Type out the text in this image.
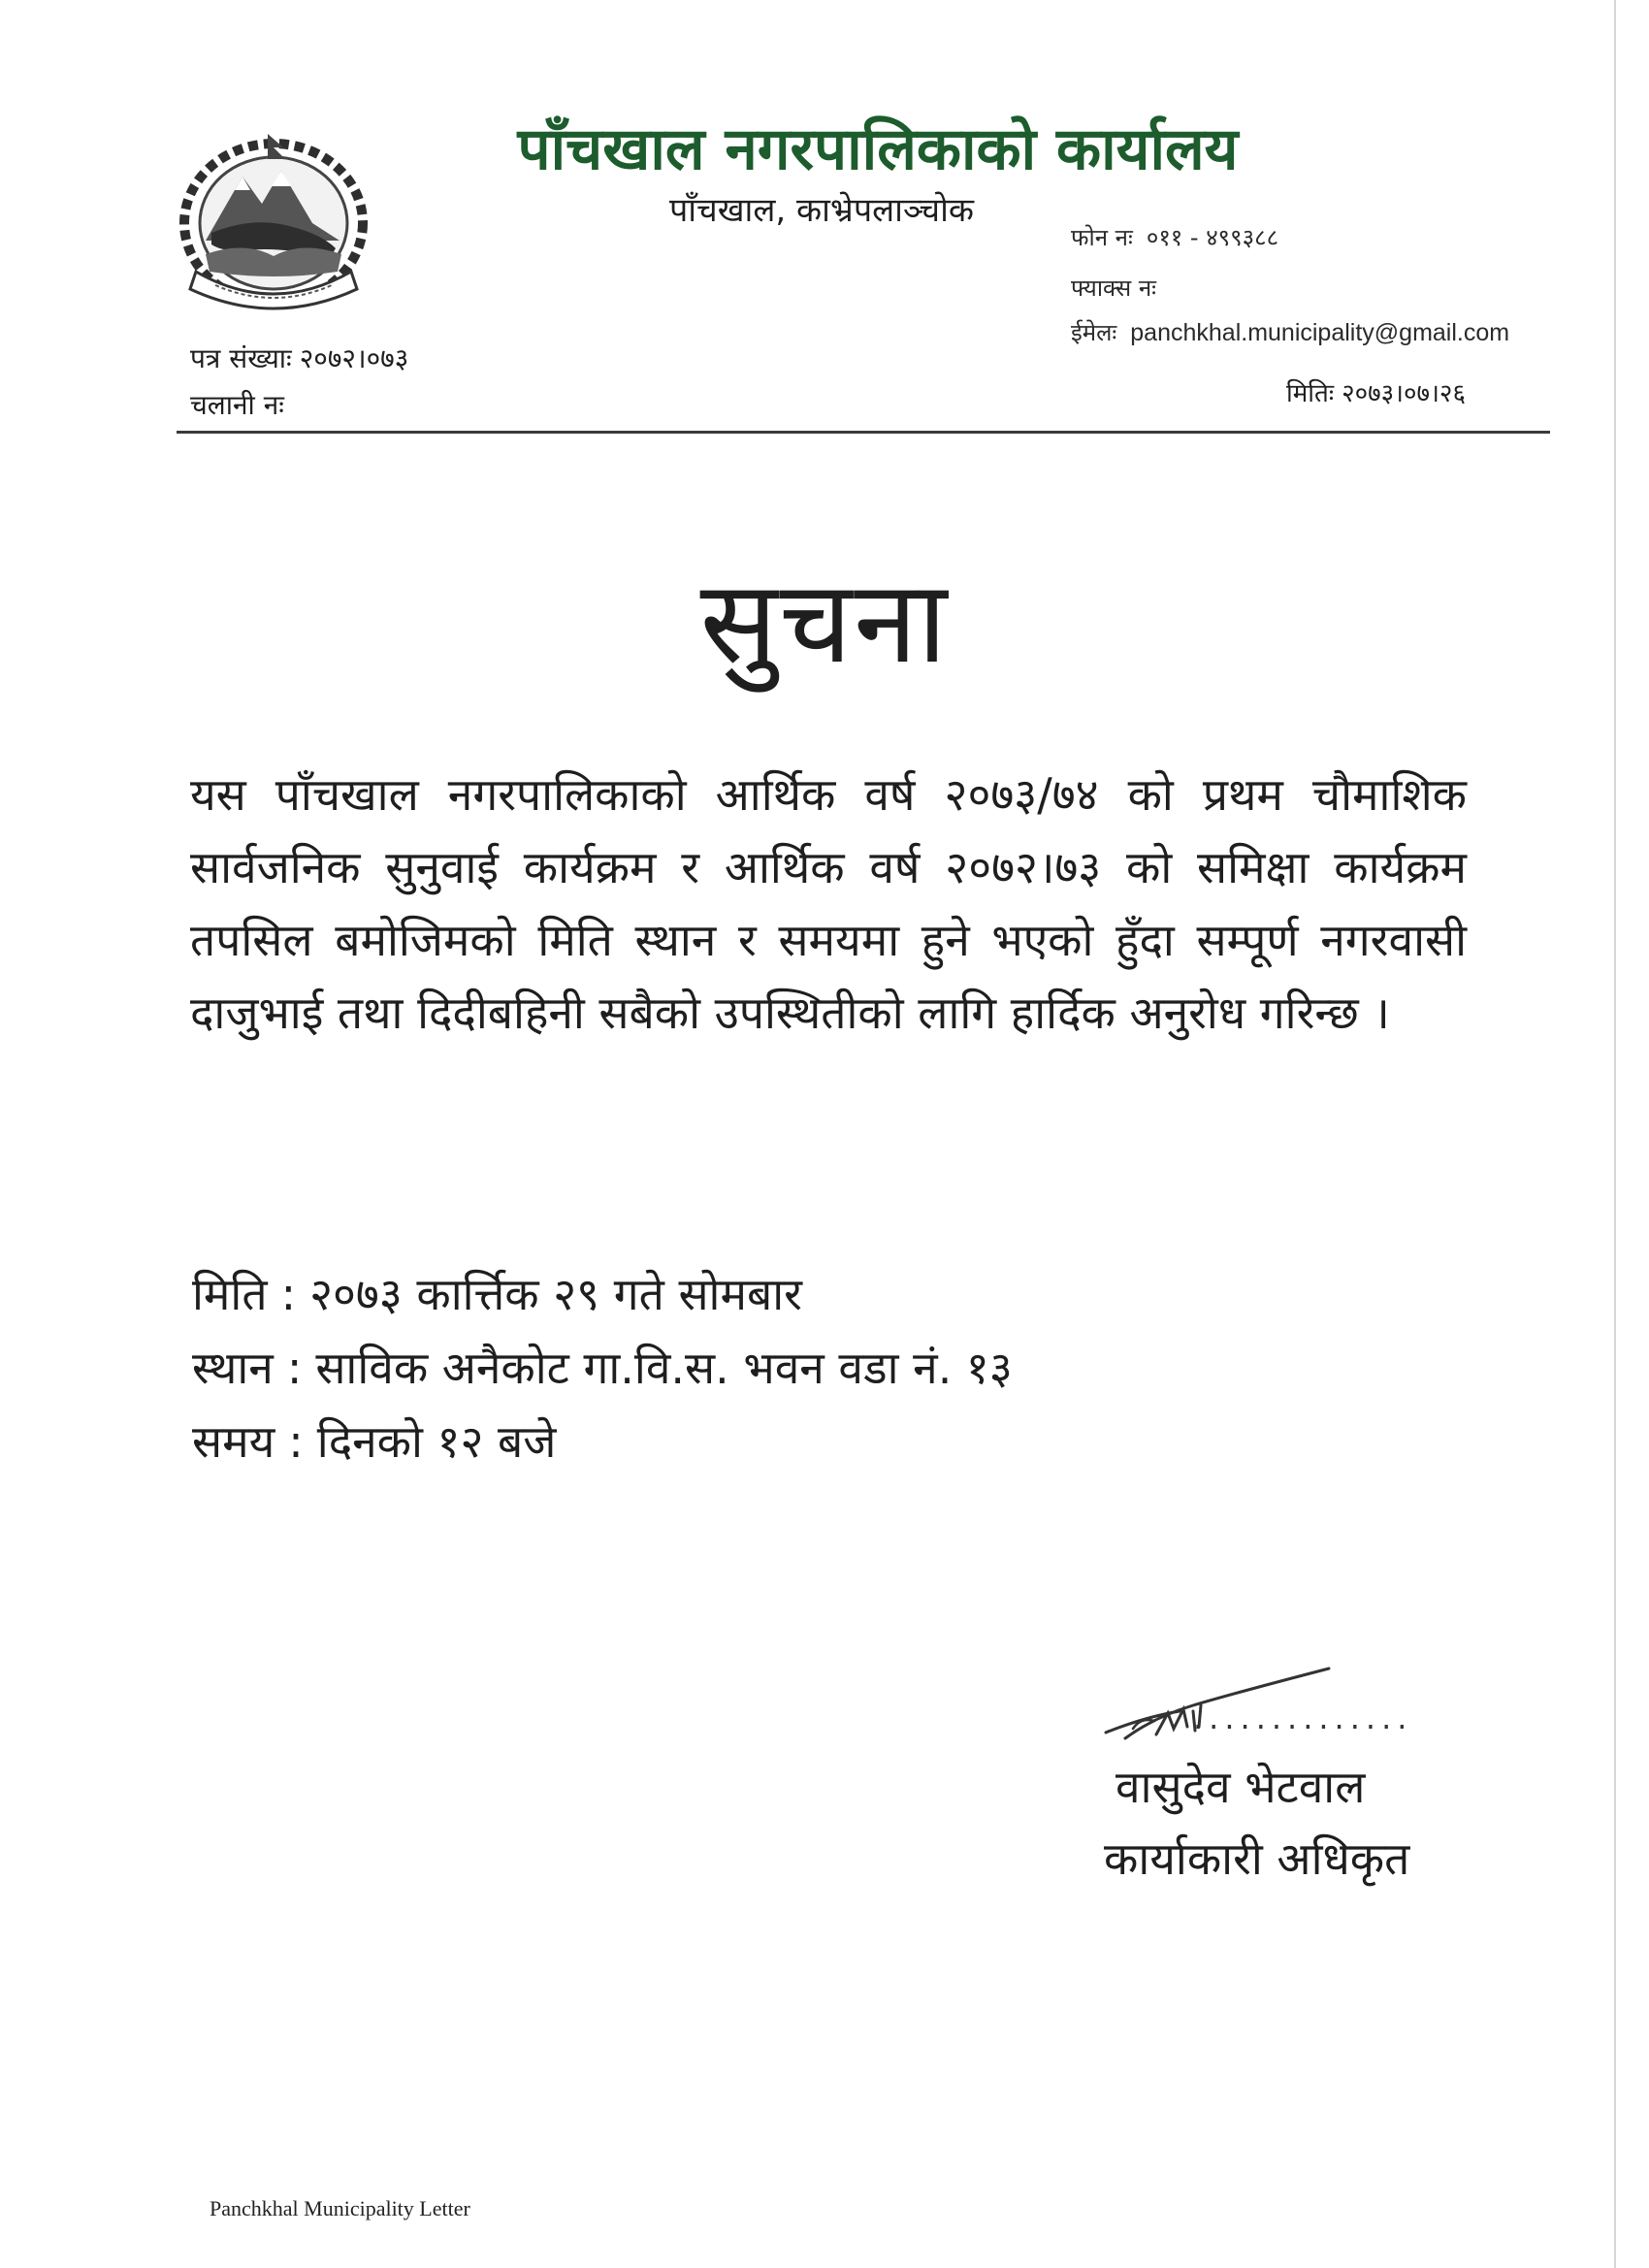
पाँचखाल नगरपालिकाको कार्यालय
पाँचखाल, काभ्रेपलाञ्चोक
फोन नः ०११ - ४९९३८८
फ्याक्स नः
ईमेलः panchkhal.municipality@gmail.com
पत्र संख्याः २०७२।०७३
चलानी नः	मितिः २०७३।०७।२६
सुचना

यस पाँचखाल नगरपालिकाको आर्थिक वर्ष २०७३/७४ को प्रथम चौमाशिक सार्वजनिक सुनुवाई कार्यक्रम र आर्थिक वर्ष २०७२।७३ को समिक्षा कार्यक्रम तपसिल बमोजिमको मिति स्थान र समयमा हुने भएको हुँदा सम्पूर्ण नगरवासी दाजुभाई तथा दिदीबहिनी सबैको उपस्थितीको लागि हार्दिक अनुरोध गरिन्छ ।

मिति : २०७३ कार्त्तिक २९ गते सोमबार
स्थान : साविक अनैकोट गा.वि.स. भवन वडा नं. १३
समय : दिनको १२ बजे
..............
वासुदेव भेटवाल
कार्याकारी अधिकृत
Panchkhal Municipality Letter
